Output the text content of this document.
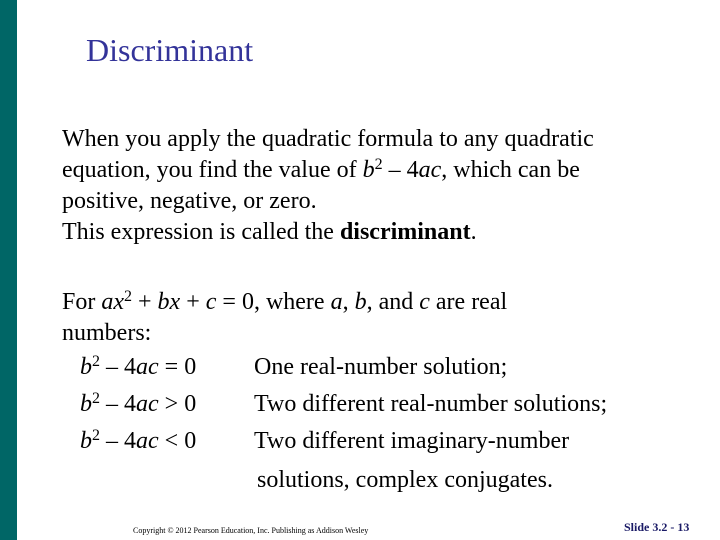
Discriminant
When you apply the quadratic formula to any quadratic
equation, you find the value of $b^2 - 4ac$, which can be
positive, negative, or zero.
This expression is called the discriminant.
For $ax^2$ + bx + c = 0, where a, b, and c are real
numbers:
$b^2 - 4ac = 0$ One real-number solution;
$b^2 - 4ac > 0$ Two different real-number solutions;
$b^2 - 4ac < 0$ Two different imaginary-number
solutions, complex conjugates.
Copyright © 2012 Pearson Education, Inc. Publishing as Addison Wesley	Slide 3.2 - 13
